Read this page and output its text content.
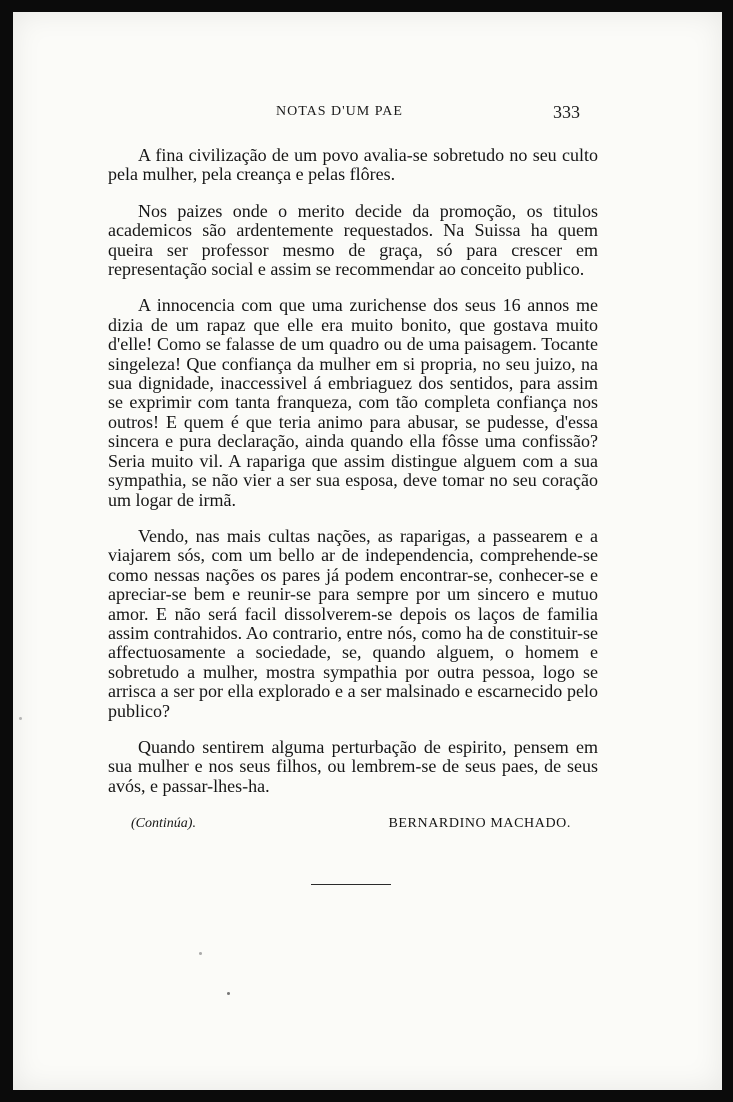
NOTAS D'UM PAE	333

A fina civilização de um povo avalia-se sobretudo no seu culto pela mulher, pela creança e pelas flôres.

Nos paizes onde o merito decide da promoção, os titulos academicos são ardentemente requestados. Na Suissa ha quem queira ser professor mesmo de graça, só para crescer em representação social e assim se recommendar ao conceito publico.

A innocencia com que uma zurichense dos seus 16 annos me dizia de um rapaz que elle era muito bonito, que gostava muito d'elle! Como se falasse de um quadro ou de uma paisagem. Tocante singeleza! Que confiança da mulher em si propria, no seu juizo, na sua dignidade, inaccessivel á embriaguez dos sentidos, para assim se exprimir com tanta franqueza, com tão completa confiança nos outros! E quem é que teria animo para abusar, se pudesse, d'essa sincera e pura declaração, ainda quando ella fôsse uma confissão? Seria muito vil. A rapariga que assim distingue alguem com a sua sympathia, se não vier a ser sua esposa, deve tomar no seu coração um logar de irmã.

Vendo, nas mais cultas nações, as raparigas, a passearem e a viajarem sós, com um bello ar de independencia, comprehende-se como nessas nações os pares já podem encontrar-se, conhecer-se e apreciar-se bem e reunir-se para sempre por um sincero e mutuo amor. E não será facil dissolverem-se depois os laços de familia assim contrahidos. Ao contrario, entre nós, como ha de constituir-se affectuosamente a sociedade, se, quando alguem, o homem e sobretudo a mulher, mostra sympathia por outra pessoa, logo se arrisca a ser por ella explorado e a ser malsinado e escarnecido pelo publico?

Quando sentirem alguma perturbação de espirito, pensem em sua mulher e nos seus filhos, ou lembrem-se de seus paes, de seus avós, e passar-lhes-ha.

(Continúa).	BERNARDINO MACHADO.
